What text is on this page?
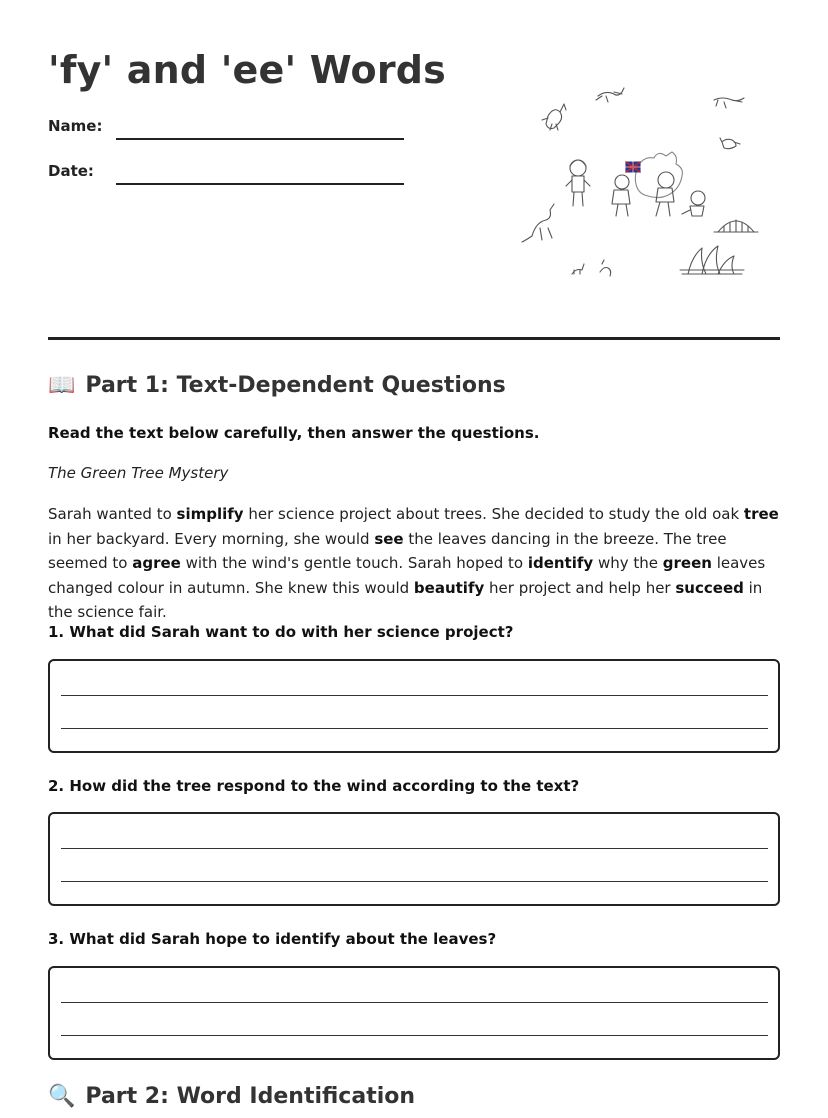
'fy' and 'ee' Words
Name:
Date:
📖 Part 1: Text-Dependent Questions
Read the text below carefully, then answer the questions.
The Green Tree Mystery

Sarah wanted to simplify her science project about trees. She decided to study the old oak tree in her backyard. Every morning, she would see the leaves dancing in the breeze. The tree seemed to agree with the wind's gentle touch. Sarah hoped to identify why the green leaves changed colour in autumn. She knew this would beautify her project and help her succeed in the science fair.

1. What did Sarah want to do with her science project?
2. How did the tree respond to the wind according to the text?
3. What did Sarah hope to identify about the leaves?
🔍 Part 2: Word Identification
